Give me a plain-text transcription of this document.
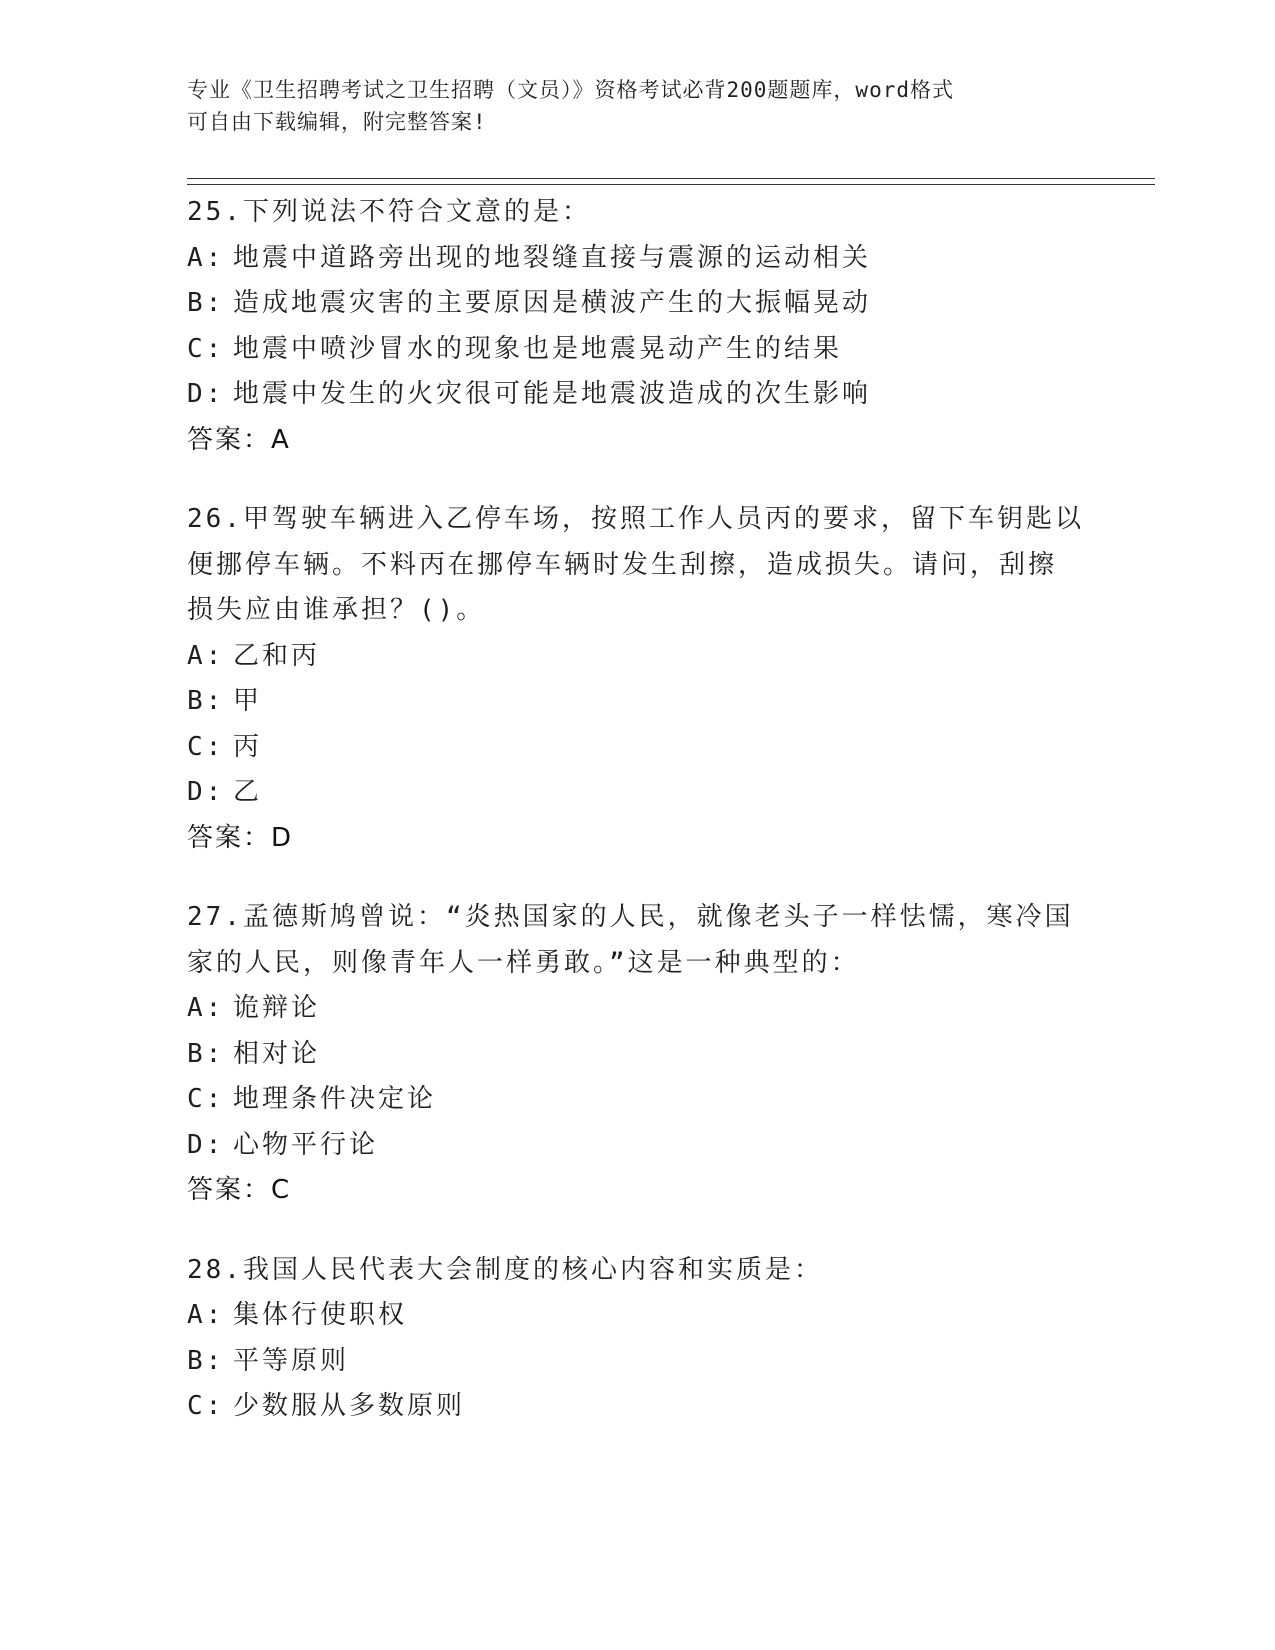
专业《卫生招聘考试之卫生招聘（文员）》资格考试必背200题题库，word格式
可自由下载编辑，附完整答案!
25.下列说法不符合文意的是：
A: 地震中道路旁出现的地裂缝直接与震源的运动相关
B: 造成地震灾害的主要原因是横波产生的大振幅晃动
C: 地震中喷沙冒水的现象也是地震晃动产生的结果
D: 地震中发生的火灾很可能是地震波造成的次生影响
答案：A
26.甲驾驶车辆进入乙停车场，按照工作人员丙的要求，留下车钥匙以
便挪停车辆。不料丙在挪停车辆时发生刮擦，造成损失。请问，刮擦
损失应由谁承担？()。
A: 乙和丙
B: 甲
C: 丙
D: 乙
答案：D
27.孟德斯鸠曾说：“炎热国家的人民，就像老头子一样怯懦，寒冷国
家的人民，则像青年人一样勇敢。”这是一种典型的：
A: 诡辩论
B: 相对论
C: 地理条件决定论
D: 心物平行论
答案：C
28.我国人民代表大会制度的核心内容和实质是：
A: 集体行使职权
B: 平等原则
C: 少数服从多数原则
